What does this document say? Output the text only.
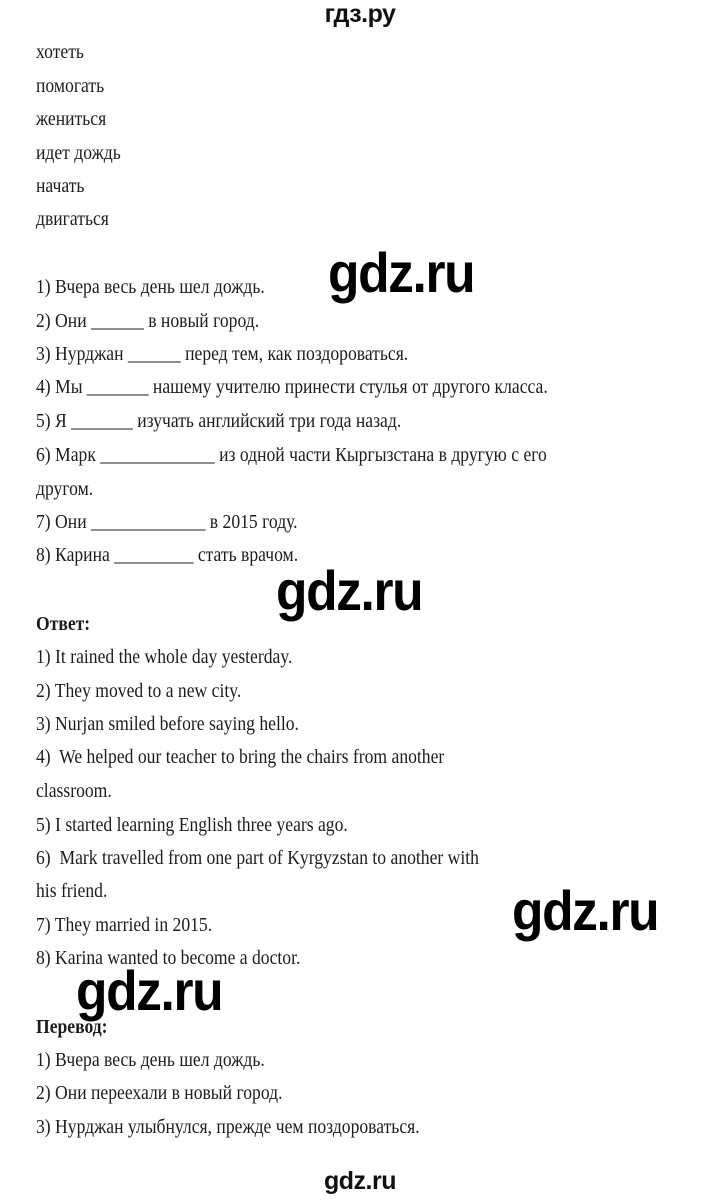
гдз.ру
хотеть
помогать
жениться
идет дождь
начать
двигаться
1) Вчера весь день шел дождь.
2) Они ______ в новый город.
3) Нурджан ______ перед тем, как поздороваться.
4) Мы _______ нашему учителю принести стулья от другого класса.
5) Я _______ изучать английский три года назад.
6) Марк _____________ из одной части Кыргызстана в другую с его
другом.
7) Они _____________ в 2015 году.
8) Карина _________ стать врачом.
Ответ:
1) It rained the whole day yesterday.
2) They moved to a new city.
3) Nurjan smiled before saying hello.
4)  We helped our teacher to bring the chairs from another
classroom.
5) I started learning English three years ago.
6)  Mark travelled from one part of Kyrgyzstan to another with
his friend.
7) They married in 2015.
8) Karina wanted to become a doctor.
Перевод:
1) Вчера весь день шел дождь.
2) Они переехали в новый город.
3) Нурджан улыбнулся, прежде чем поздороваться.
gdz.ru
gdz.ru
gdz.ru
gdz.ru
gdz.ru
